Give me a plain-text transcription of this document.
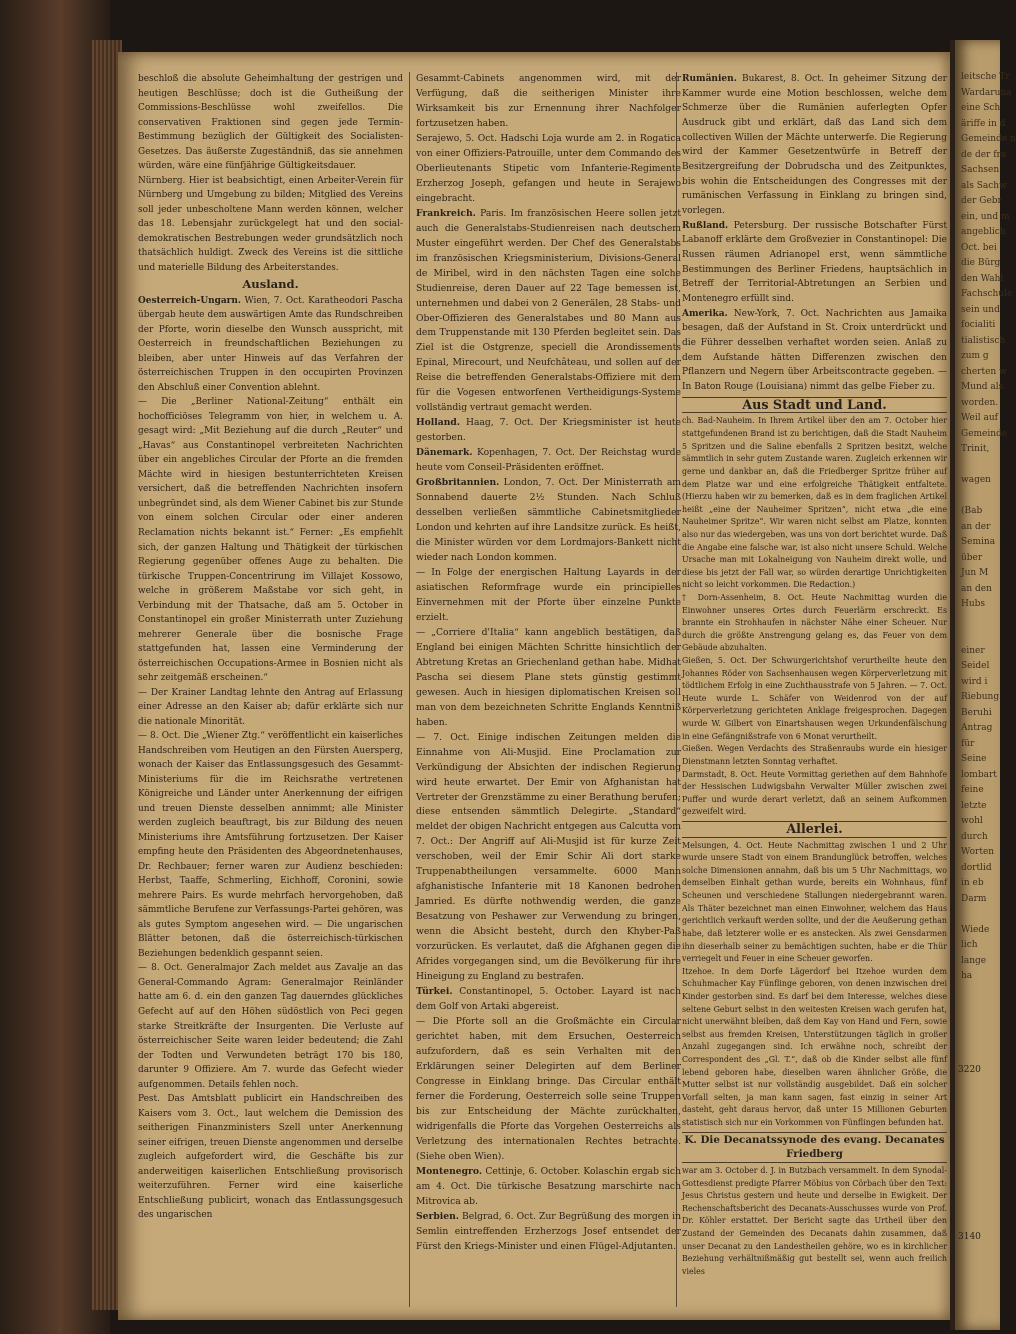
leitsche Tr
Wardaruna
eine Sch
äriffe in d
Gemeinde n
de der fra
Sachsen
als Sachw
der Gebr
ein, und m
angeblich
Oct. bei
die Bürg
den Wahl
Fachschule
sein und
focialiti
tialistisch
zum g
cherten w
Mund als
worden.
Weil auf
Gemeinde
Trinit,

wagen

(Bab
an der
Semina
über
Jun M
an den
Hubs

einer
Seidel
wird i
Riebung
Beruhi
Antrag
für
Seine
lombart
feine
letzte
wohl
durch
Worten
dortlid
in eb
Darm

Wiede
lich
lange
ha

3220
3140

beschloß die absolute Geheimhaltung der gestrigen und heutigen Beschlüsse; doch ist die Gutheißung der Commissions-Beschlüsse wohl zweifellos. Die conservativen Fraktionen sind gegen jede Termin-Bestimmung bezüglich der Gültigkeit des Socialisten-Gesetzes. Das äußerste Zugeständniß, das sie annehmen würden, wäre eine fünfjährige Gültigkeitsdauer.

Nürnberg. Hier ist beabsichtigt, einen Arbeiter-Verein für Nürnberg und Umgebung zu bilden; Mitglied des Vereins soll jeder unbescholtene Mann werden können, welcher das 18. Lebensjahr zurückgelegt hat und den social-demokratischen Bestrebungen weder grundsätzlich noch thatsächlich huldigt. Zweck des Vereins ist die sittliche und materielle Bildung des Arbeiterstandes.

Ausland.

Oesterreich-Ungarn. Wien, 7. Oct. Karatheodori Pascha übergab heute dem auswärtigen Amte das Rundschreiben der Pforte, worin dieselbe den Wunsch ausspricht, mit Oesterreich in freundschaftlichen Beziehungen zu bleiben, aber unter Hinweis auf das Verfahren der österreichischen Truppen in den occupirten Provinzen den Abschluß einer Convention ablehnt.

— Die „Berliner National-Zeitung“ enthält ein hochofficiöses Telegramm von hier, in welchem u. A. gesagt wird: „Mit Beziehung auf die durch „Reuter“ und „Havas“ aus Constantinopel verbreiteten Nachrichten über ein angebliches Circular der Pforte an die fremden Mächte wird in hiesigen bestunterrichteten Kreisen versichert, daß die betreffenden Nachrichten insofern unbegründet sind, als dem Wiener Cabinet bis zur Stunde von einem solchen Circular oder einer anderen Reclamation nichts bekannt ist.“ Ferner: „Es empfiehlt sich, der ganzen Haltung und Thätigkeit der türkischen Regierung gegenüber offenes Auge zu behalten. Die türkische Truppen-Concentrirung im Villajet Kossowo, welche in größerem Maßstabe vor sich geht, in Verbindung mit der Thatsache, daß am 5. October in Constantinopel ein großer Ministerrath unter Zuziehung mehrerer Generale über die bosnische Frage stattgefunden hat, lassen eine Verminderung der österreichischen Occupations-Armee in Bosnien nicht als sehr zeitgemäß erscheinen.“

— Der Krainer Landtag lehnte den Antrag auf Erlassung einer Adresse an den Kaiser ab; dafür erklärte sich nur die nationale Minorität.

— 8. Oct. Die „Wiener Ztg.“ veröffentlicht ein kaiserliches Handschreiben vom Heutigen an den Fürsten Auersperg, wonach der Kaiser das Entlassungsgesuch des Gesammt-Ministeriums für die im Reichsrathe vertretenen Königreiche und Länder unter Anerkennung der eifrigen und treuen Dienste desselben annimmt; alle Minister werden zugleich beauftragt, bis zur Bildung des neuen Ministeriums ihre Amtsführung fortzusetzen. Der Kaiser empfing heute den Präsidenten des Abgeordnetenhauses, Dr. Rechbauer; ferner waren zur Audienz beschieden: Herbst, Taaffe, Schmerling, Eichhoff, Coronini, sowie mehrere Pairs. Es wurde mehrfach hervorgehoben, daß sämmtliche Berufene zur Verfassungs-Partei gehören, was als gutes Symptom angesehen wird. — Die ungarischen Blätter betonen, daß die österreichisch-türkischen Beziehungen bedenklich gespannt seien.

— 8. Oct. Generalmajor Zach meldet aus Zavalje an das General-Commando Agram: Generalmajor Reinländer hatte am 6. d. ein den ganzen Tag dauerndes glückliches Gefecht auf auf den Höhen südöstlich von Peci gegen starke Streitkräfte der Insurgenten. Die Verluste auf österreichischer Seite waren leider bedeutend; die Zahl der Todten und Verwundeten beträgt 170 bis 180, darunter 9 Offiziere. Am 7. wurde das Gefecht wieder aufgenommen. Details fehlen noch.

Pest. Das Amtsblatt publicirt ein Handschreiben des Kaisers vom 3. Oct., laut welchem die Demission des seitherigen Finanzministers Szell unter Anerkennung seiner eifrigen, treuen Dienste angenommen und derselbe zugleich aufgefordert wird, die Geschäfte bis zur anderweitigen kaiserlichen Entschließung provisorisch weiterzuführen. Ferner wird eine kaiserliche Entschließung publicirt, wonach das Entlassungsgesuch des ungarischen

Gesammt-Cabinets angenommen wird, mit der Verfügung, daß die seitherigen Minister ihre Wirksamkeit bis zur Ernennung ihrer Nachfolger fortzusetzen haben.

Serajewo, 5. Oct. Hadschi Loja wurde am 2. in Rogatica von einer Offiziers-Patrouille, unter dem Commando des Oberlieutenants Stipetic vom Infanterie-Regimente Erzherzog Joseph, gefangen und heute in Serajewo eingebracht.

Frankreich. Paris. Im französischen Heere sollen jetzt auch die Generalstabs-Studienreisen nach deutschem Muster eingeführt werden. Der Chef des Generalstabs im französischen Kriegsministerium, Divisions-General de Miribel, wird in den nächsten Tagen eine solche Studienreise, deren Dauer auf 22 Tage bemessen ist, unternehmen und dabei von 2 Generälen, 28 Stabs- und Ober-Offizieren des Generalstabes und 80 Mann aus dem Truppenstande mit 130 Pferden begleitet sein. Das Ziel ist die Ostgrenze, speciell die Arondissements Epinal, Mirecourt, und Neufchâteau, und sollen auf der Reise die betreffenden Generalstabs-Offiziere mit dem für die Vogesen entworfenen Vertheidigungs-Systeme vollständig vertraut gemacht werden.

Holland. Haag, 7. Oct. Der Kriegsminister ist heute gestorben.

Dänemark. Kopenhagen, 7. Oct. Der Reichstag wurde heute vom Conseil-Präsidenten eröffnet.

Großbritannien. London, 7. Oct. Der Ministerrath am Sonnabend dauerte 2½ Stunden. Nach Schluß desselben verließen sämmtliche Cabinetsmitglieder London und kehrten auf ihre Landsitze zurück. Es heißt, die Minister würden vor dem Lordmajors-Bankett nicht wieder nach London kommen.

— In Folge der energischen Haltung Layards in der asiatischen Reformfrage wurde ein principielles Einvernehmen mit der Pforte über einzelne Punkte erzielt.

— „Corriere d'Italia“ kann angeblich bestätigen, daß England bei einigen Mächten Schritte hinsichtlich der Abtretung Kretas an Griechenland gethan habe. Midhat Pascha sei diesem Plane stets günstig gestimmt gewesen. Auch in hiesigen diplomatischen Kreisen soll man von dem bezeichneten Schritte Englands Kenntniß haben.

— 7. Oct. Einige indischen Zeitungen melden die Einnahme von Ali-Musjid. Eine Proclamation zur Verkündigung der Absichten der indischen Regierung wird heute erwartet. Der Emir von Afghanistan hat Vertreter der Grenzstämme zu einer Berathung berufen; diese entsenden sämmtlich Delegirte. „Standard“ meldet der obigen Nachricht entgegen aus Calcutta vom 7. Oct.: Der Angriff auf Ali-Musjid ist für kurze Zeit verschoben, weil der Emir Schir Ali dort starke Truppenabtheilungen versammelte. 6000 Mann afghanistische Infanterie mit 18 Kanonen bedrohen Jamried. Es dürfte nothwendig werden, die ganze Besatzung von Peshawer zur Verwendung zu bringen, wenn die Absicht besteht, durch den Khyber-Paß vorzurücken. Es verlautet, daß die Afghanen gegen die Afrides vorgegangen sind, um die Bevölkerung für ihre Hineigung zu England zu bestrafen.

Türkei. Constantinopel, 5. October. Layard ist nach dem Golf von Artaki abgereist.

— Die Pforte soll an die Großmächte ein Circular gerichtet haben, mit dem Ersuchen, Oesterreich aufzufordern, daß es sein Verhalten mit den Erklärungen seiner Delegirten auf dem Berliner Congresse in Einklang bringe. Das Circular enthält ferner die Forderung, Oesterreich solle seine Truppen bis zur Entscheidung der Mächte zurückhalten, widrigenfalls die Pforte das Vorgehen Oesterreichs als Verletzung des internationalen Rechtes betrachte. (Siehe oben Wien).

Montenegro. Cettinje, 6. October. Kolaschin ergab sich am 4. Oct. Die türkische Besatzung marschirte nach Mitrovica ab.

Serbien. Belgrad, 6. Oct. Zur Begrüßung des morgen in Semlin eintreffenden Erzherzogs Josef entsendet der Fürst den Kriegs-Minister und einen Flügel-Adjutanten.

Rumänien. Bukarest, 8. Oct. In geheimer Sitzung der Kammer wurde eine Motion beschlossen, welche dem Schmerze über die Rumänien auferlegten Opfer Ausdruck gibt und erklärt, daß das Land sich dem collectiven Willen der Mächte unterwerfe. Die Regierung wird der Kammer Gesetzentwürfe in Betreff der Besitzergreifung der Dobrudscha und des Zeitpunktes, bis wohin die Entscheidungen des Congresses mit der rumänischen Verfassung in Einklang zu bringen sind, vorlegen.

Rußland. Petersburg. Der russische Botschafter Fürst Labanoff erklärte dem Großvezier in Constantinopel: Die Russen räumen Adrianopel erst, wenn sämmtliche Bestimmungen des Berliner Friedens, hauptsächlich in Betreff der Territorial-Abtretungen an Serbien und Montenegro erfüllt sind.

Amerika. New-York, 7. Oct. Nachrichten aus Jamaika besagen, daß der Aufstand in St. Croix unterdrückt und die Führer desselben verhaftet worden seien. Anlaß zu dem Aufstande hätten Differenzen zwischen den Pflanzern und Negern über Arbeitscontracte gegeben. — In Baton Rouge (Louisiana) nimmt das gelbe Fieber zu.

Aus Stadt und Land.

ch. Bad-Nauheim. In Ihrem Artikel über den am 7. October hier stattgefundenen Brand ist zu berichtigen, daß die Stadt Nauheim 5 Spritzen und die Saline ebenfalls 2 Spritzen besitzt, welche sämmtlich in sehr gutem Zustande waren. Zugleich erkennen wir gerne und dankbar an, daß die Friedberger Spritze früher auf dem Platze war und eine erfolgreiche Thätigkeit entfaltete. (Hierzu haben wir zu bemerken, daß es in dem fraglichen Artikel heißt „eine der Nauheimer Spritzen“, nicht etwa „die eine Nauheimer Spritze“. Wir waren nicht selbst am Platze, konnten also nur das wiedergeben, was uns von dort berichtet wurde. Daß die Angabe eine falsche war, ist also nicht unsere Schuld. Welche Ursache man mit Lokalneigung von Nauheim direkt wolle, und diese bis jetzt der Fall war, so würden derartige Unrichtigkeiten nicht so leicht vorkommen. Die Redaction.)

† Dorn-Assenheim, 8. Oct. Heute Nachmittag wurden die Einwohner unseres Ortes durch Feuerlärm erschreckt. Es brannte ein Strohhaufen in nächster Nähe einer Scheuer. Nur durch die größte Anstrengung gelang es, das Feuer von dem Gebäude abzuhalten.

Gießen, 5. Oct. Der Schwurgerichtshof verurtheilte heute den Johannes Röder von Sachsenhausen wegen Körperverletzung mit tödtlichem Erfolg in eine Zuchthausstrafe von 5 Jahren. — 7. Oct. Heute wurde L. Schäfer von Weidenrod von der auf Körperverletzung gerichteten Anklage freigesprochen. Dagegen wurde W. Gilbert von Einartshausen wegen Urkundenfälschung in eine Gefängnißstrafe von 6 Monat verurtheilt.

Gießen. Wegen Verdachts des Straßenraubs wurde ein hiesiger Dienstmann letzten Sonntag verhaftet.

Darmstadt, 8. Oct. Heute Vormittag geriethen auf dem Bahnhofe der Hessischen Ludwigsbahn Verwalter Müller zwischen zwei Puffer und wurde derart verletzt, daß an seinem Aufkommen gezweifelt wird.

Allerlei.

Melsungen, 4. Oct. Heute Nachmittag zwischen 1 und 2 Uhr wurde unsere Stadt von einem Brandunglück betroffen, welches solche Dimensionen annahm, daß bis um 5 Uhr Nachmittags, wo demselben Einhalt gethan wurde, bereits ein Wohnhaus, fünf Scheunen und verschiedene Stallungen niedergebrannt waren. Als Thäter bezeichnet man einen Einwohner, welchem das Haus gerichtlich verkauft werden sollte, und der die Aeußerung gethan habe, daß letzterer wolle er es anstecken. Als zwei Gensdarmen ihn dieserhalb seiner zu bemächtigen suchten, habe er die Thür verriegelt und Feuer in eine Scheuer geworfen.

Itzehoe. In dem Dorfe Lägerdorf bei Itzehoe wurden dem Schuhmacher Kay Fünflinge geboren, von denen inzwischen drei Kinder gestorben sind. Es darf bei dem Interesse, welches diese seltene Geburt selbst in den weitesten Kreisen wach gerufen hat, nicht unerwähnt bleiben, daß dem Kay von Hand und Fern, sowie selbst aus fremden Kreisen, Unterstützungen täglich in großer Anzahl zugegangen sind. Ich erwähne noch, schreibt der Correspondent des „Gl. T.“, daß ob die Kinder selbst alle fünf lebend geboren habe, dieselben waren ähnlicher Größe, die Mutter selbst ist nur vollständig ausgebildet. Daß ein solcher Vorfall selten, ja man kann sagen, fast einzig in seiner Art dasteht, geht daraus hervor, daß unter 15 Millionen Geburten statistisch sich nur ein Vorkommen von Fünflingen befunden hat.

K. Die Decanatssynode des evang. Decanates Friedberg

war am 3. October d. J. in Butzbach versammelt. In dem Synodal-Gottesdienst predigte Pfarrer Möbius von Cörbach über den Text: Jesus Christus gestern und heute und derselbe in Ewigkeit. Der Rechenschaftsbericht des Decanats-Ausschusses wurde von Prof. Dr. Köhler erstattet. Der Bericht sagte das Urtheil über den Zustand der Gemeinden des Decanats dahin zusammen, daß unser Decanat zu den Landestheilen gehöre, wo es in kirchlicher Beziehung verhältnißmäßig gut bestellt sei, wenn auch freilich vieles
